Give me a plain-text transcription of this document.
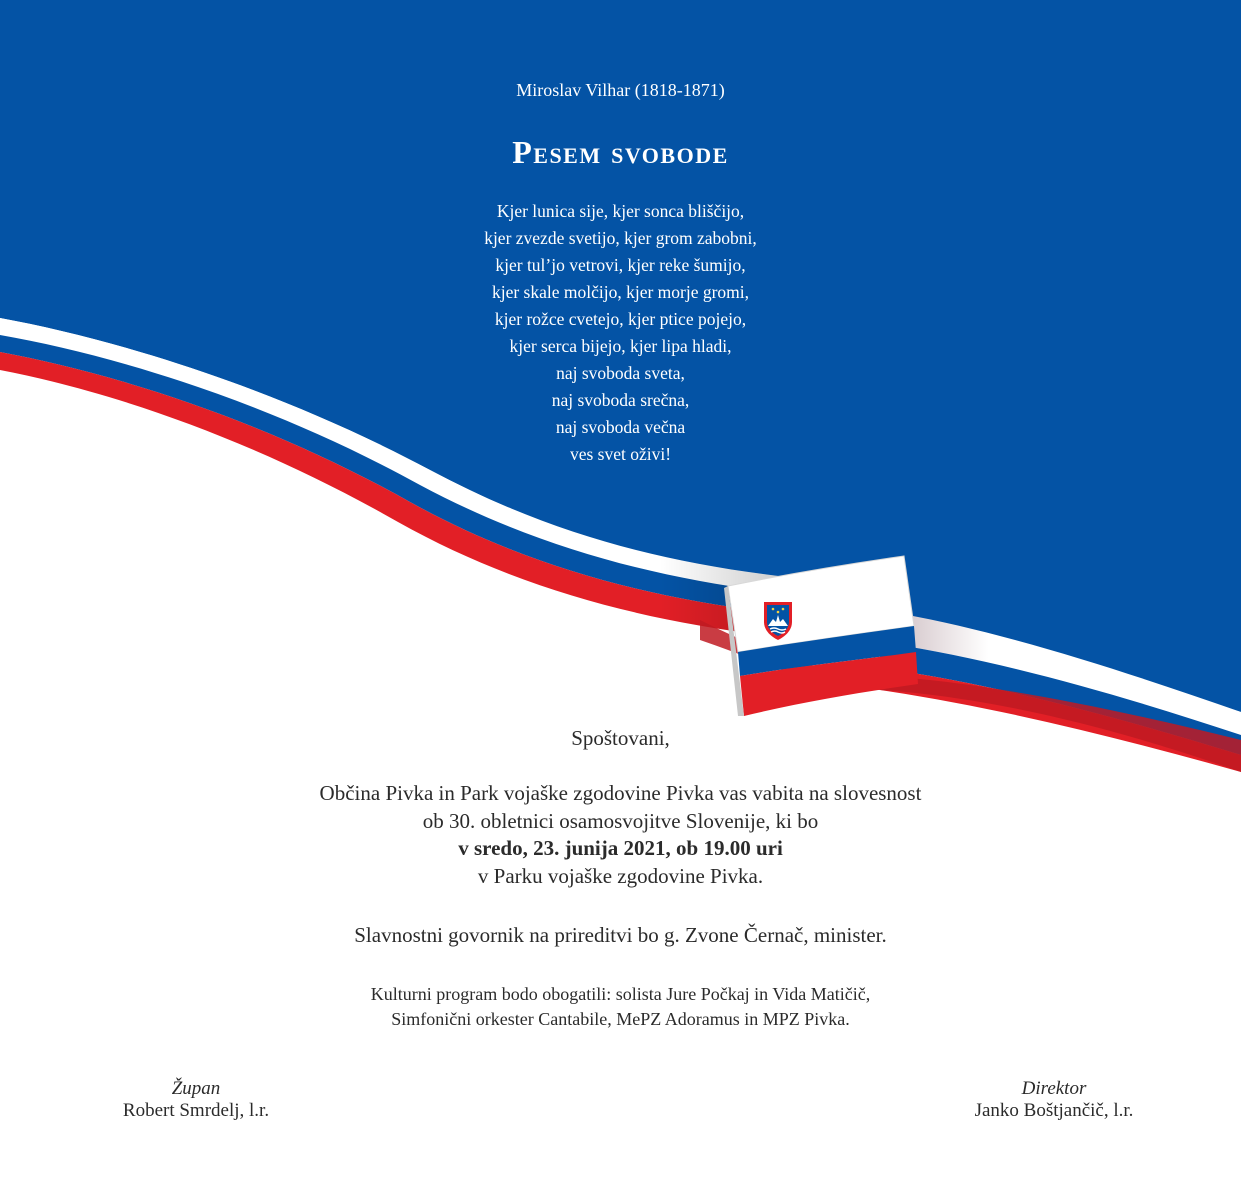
Miroslav Vilhar (1818-1871)
Pesem svobode
Kjer lunica sije, kjer sonca bliščijo,
kjer zvezde svetijo, kjer grom zabobni,
kjer tul’jo vetrovi, kjer reke šumijo,
kjer skale molčijo, kjer morje gromi,
kjer rožce cvetejo, kjer ptice pojejo,
kjer serca bijejo, kjer lipa hladi,
naj svoboda sveta,
naj svoboda srečna,
naj svoboda večna
ves svet oživi!
Spoštovani,
Občina Pivka in Park vojaške zgodovine Pivka vas vabita na slovesnost
ob 30. obletnici osamosvojitve Slovenije, ki bo
v sredo, 23. junija 2021, ob 19.00 uri
v Parku vojaške zgodovine Pivka.
Slavnostni govornik na prireditvi bo g. Zvone Černač, minister.
Kulturni program bodo obogatili: solista Jure Počkaj in Vida Matičič,
Simfonični orkester Cantabile, MePZ Adoramus in MPZ Pivka.
Župan
Robert Smrdelj, l.r.
Direktor
Janko Boštjančič, l.r.
